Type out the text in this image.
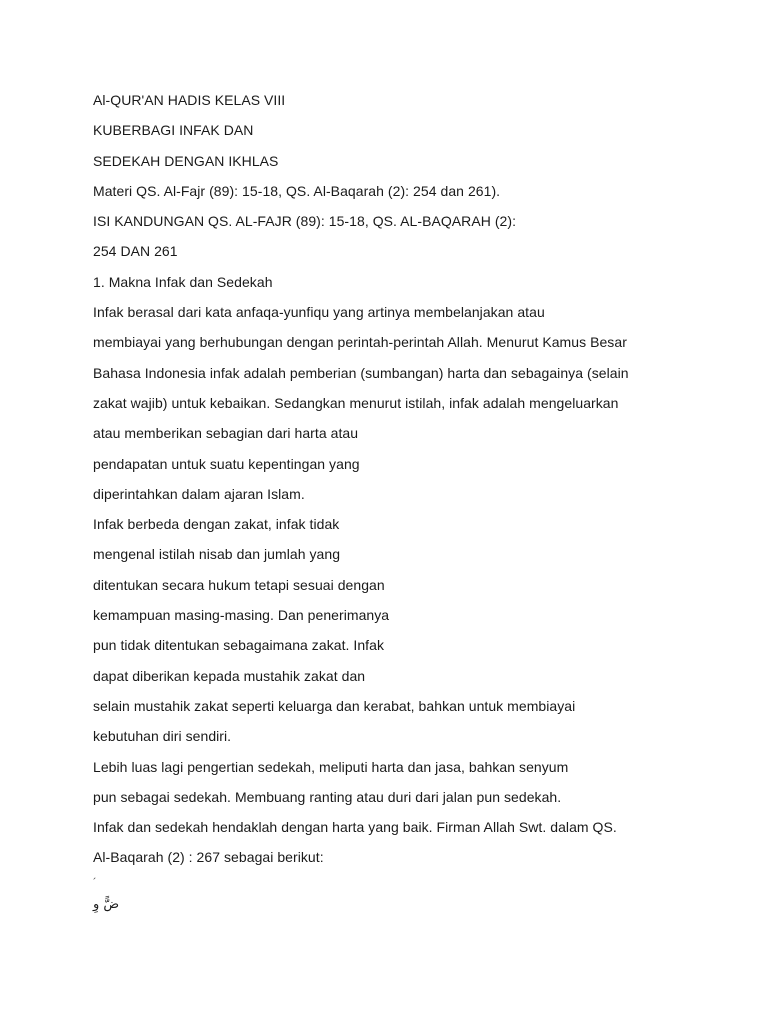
Al-QUR'AN HADIS KELAS VIII
KUBERBAGI INFAK DAN
SEDEKAH DENGAN IKHLAS
Materi QS. Al-Fajr (89): 15-18, QS. Al-Baqarah (2): 254 dan 261).
ISI KANDUNGAN QS. AL-FAJR (89): 15-18, QS. AL-BAQARAH (2):
254 DAN 261
1. Makna Infak dan Sedekah
Infak berasal dari kata anfaqa-yunfiqu yang artinya membelanjakan atau
membiayai yang berhubungan dengan perintah-perintah Allah. Menurut Kamus Besar
Bahasa Indonesia infak adalah pemberian (sumbangan) harta dan sebagainya (selain
zakat wajib) untuk kebaikan. Sedangkan menurut istilah, infak adalah mengeluarkan
atau memberikan sebagian dari harta atau
pendapatan untuk suatu kepentingan yang
diperintahkan dalam ajaran Islam.
Infak berbeda dengan zakat, infak tidak
mengenal istilah nisab dan jumlah yang
ditentukan secara hukum tetapi sesuai dengan
kemampuan masing-masing. Dan penerimanya
pun tidak ditentukan sebagaimana zakat. Infak
dapat diberikan kepada mustahik zakat dan
selain mustahik zakat seperti keluarga dan kerabat, bahkan untuk membiayai
kebutuhan diri sendiri.
Lebih luas lagi pengertian sedekah, meliputi harta dan jasa, bahkan senyum
pun sebagai sedekah. Membuang ranting atau duri dari jalan pun sedekah.
Infak dan sedekah hendaklah dengan harta yang baik. Firman Allah Swt. dalam QS.
Al-Baqarah (2) : 267 sebagai berikut:
´
ضًّ وِ
